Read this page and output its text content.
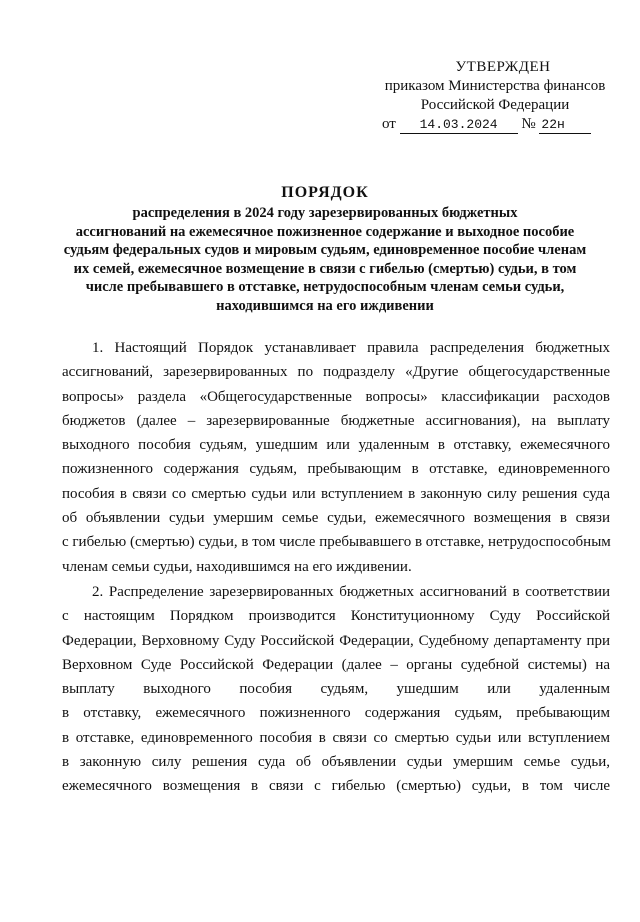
УТВЕРЖДЕН
приказом Министерства финансов
Российской Федерации
от 14.03.2024 № 22н
ПОРЯДОК
распределения в 2024 году зарезервированных бюджетных
ассигнований на ежемесячное пожизненное содержание и выходное пособие
судьям федеральных судов и мировым судьям, единовременное пособие членам
их семей, ежемесячное возмещение в связи с гибелью (смертью) судьи, в том
числе пребывавшего в отставке, нетрудоспособным членам семьи судьи,
находившимся на его иждивении
1. Настоящий Порядок устанавливает правила распределения бюджетных
ассигнований, зарезервированных по подразделу «Другие общегосударственные
вопросы» раздела «Общегосударственные вопросы» классификации расходов
бюджетов (далее – зарезервированные бюджетные ассигнования), на выплату
выходного пособия судьям, ушедшим или удаленным в отставку, ежемесячного
пожизненного содержания судьям, пребывающим в отставке, единовременного
пособия в связи со смертью судьи или вступлением в законную силу решения суда
об объявлении судьи умершим семье судьи, ежемесячного возмещения в связи
с гибелью (смертью) судьи, в том числе пребывавшего в отставке, нетрудоспособным
членам семьи судьи, находившимся на его иждивении.
2. Распределение зарезервированных бюджетных ассигнований в соответствии
с настоящим Порядком производится Конституционному Суду Российской
Федерации, Верховному Суду Российской Федерации, Судебному департаменту при
Верховном Суде Российской Федерации (далее – органы судебной системы) на
выплату выходного пособия судьям, ушедшим или удаленным
в отставку, ежемесячного пожизненного содержания судьям, пребывающим
в отставке, единовременного пособия в связи со смертью судьи или вступлением
в законную силу решения суда об объявлении судьи умершим семье судьи,
ежемесячного возмещения в связи с гибелью (смертью) судьи, в том числе
